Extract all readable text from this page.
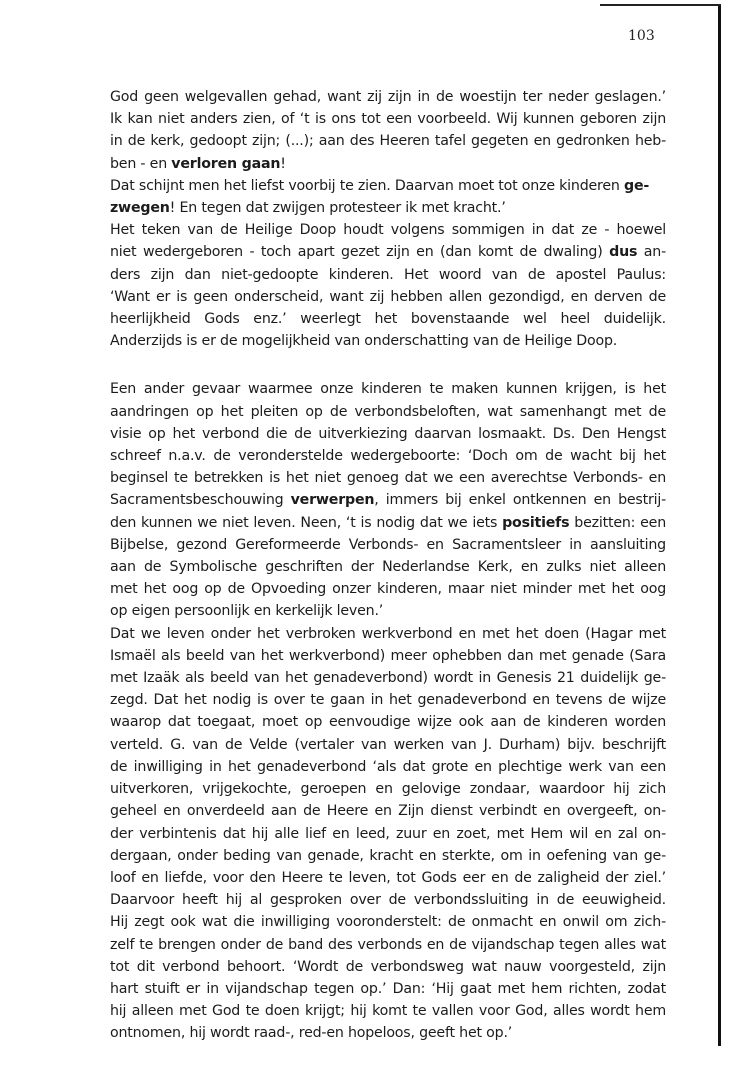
103
God geen welgevallen gehad, want zij zijn in de woestijn ter neder geslagen.’
Ik kan niet anders zien, of ‘t is ons tot een voorbeeld. Wij kunnen geboren zijn
in de kerk, gedoopt zijn; (...); aan des Heeren tafel gegeten en gedronken heb-
ben - en verloren gaan!
Dat schijnt men het liefst voorbij te zien. Daarvan moet tot onze kinderen ge-
zwegen! En tegen dat zwijgen protesteer ik met kracht.’
Het teken van de Heilige Doop houdt volgens sommigen in dat ze - hoewel
niet wedergeboren - toch apart gezet zijn en (dan komt de dwaling) dus an-
ders zijn dan niet-gedoopte kinderen. Het woord van de apostel Paulus:
‘Want er is geen onderscheid, want zij hebben allen gezondigd, en derven de
heerlijkheid Gods enz.’ weerlegt het bovenstaande wel heel duidelijk.
Anderzijds is er de mogelijkheid van onderschatting van de Heilige Doop.
Een ander gevaar waarmee onze kinderen te maken kunnen krijgen, is het
aandringen op het pleiten op de verbondsbeloften, wat samenhangt met de
visie op het verbond die de uitverkiezing daarvan losmaakt. Ds. Den Hengst
schreef n.a.v. de veronderstelde wedergeboorte: ‘Doch om de wacht bij het
beginsel te betrekken is het niet genoeg dat we een averechtse Verbonds- en
Sacramentsbeschouwing verwerpen, immers bij enkel ontkennen en bestrij-
den kunnen we niet leven. Neen, ‘t is nodig dat we iets positiefs bezitten: een
Bijbelse, gezond Gereformeerde Verbonds- en Sacramentsleer in aansluiting
aan de Symbolische geschriften der Nederlandse Kerk, en zulks niet alleen
met het oog op de Opvoeding onzer kinderen, maar niet minder met het oog
op eigen persoonlijk en kerkelijk leven.’
Dat we leven onder het verbroken werkverbond en met het doen (Hagar met
Ismaël als beeld van het werkverbond) meer ophebben dan met genade (Sara
met Izaäk als beeld van het genadeverbond) wordt in Genesis 21 duidelijk ge-
zegd. Dat het nodig is over te gaan in het genadeverbond en tevens de wijze
waarop dat toegaat, moet op eenvoudige wijze ook aan de kinderen worden
verteld. G. van de Velde (vertaler van werken van J. Durham) bijv. beschrijft
de inwilliging in het genadeverbond ‘als dat grote en plechtige werk van een
uitverkoren, vrijgekochte, geroepen en gelovige zondaar, waardoor hij zich
geheel en onverdeeld aan de Heere en Zijn dienst verbindt en overgeeft, on-
der verbintenis dat hij alle lief en leed, zuur en zoet, met Hem wil en zal on-
dergaan, onder beding van genade, kracht en sterkte, om in oefening van ge-
loof en liefde, voor den Heere te leven, tot Gods eer en de zaligheid der ziel.’
Daarvoor heeft hij al gesproken over de verbondssluiting in de eeuwigheid.
Hij zegt ook wat die inwilliging vooronderstelt: de onmacht en onwil om zich-
zelf te brengen onder de band des verbonds en de vijandschap tegen alles wat
tot dit verbond behoort. ‘Wordt de verbondsweg wat nauw voorgesteld, zijn
hart stuift er in vijandschap tegen op.’ Dan: ‘Hij gaat met hem richten, zodat
hij alleen met God te doen krijgt; hij komt te vallen voor God, alles wordt hem
ontnomen, hij wordt raad-, red-en hopeloos, geeft het op.’
